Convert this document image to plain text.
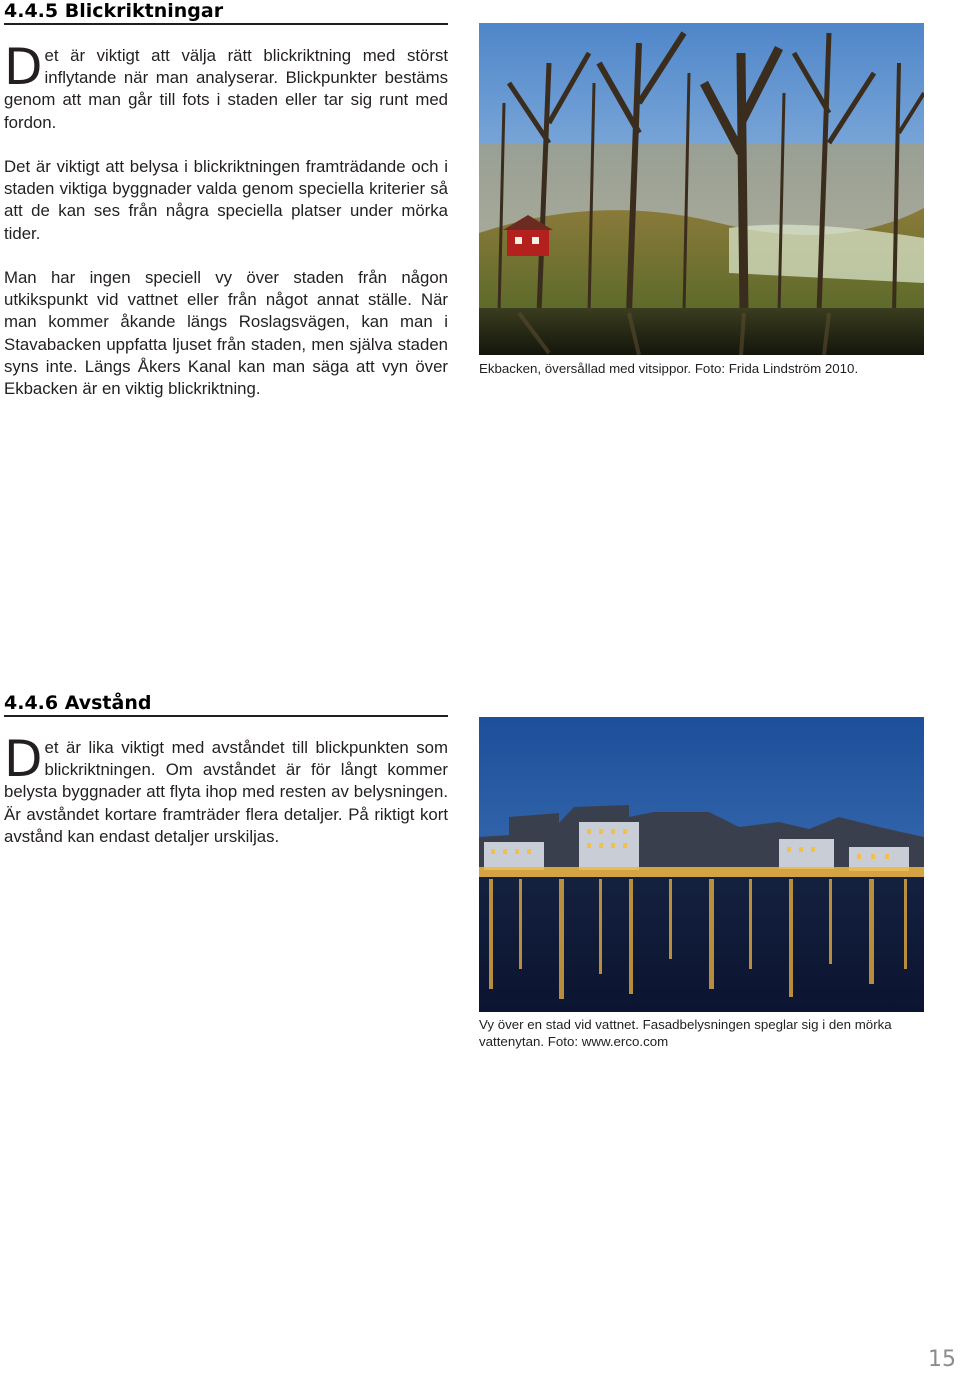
4.4.5 Blickriktningar

Det är viktigt att välja rätt blickriktning med störst inflytande när man analyserar. Blickpunkter bestäms genom att man går till fots i staden eller tar sig runt med fordon.

Det är viktigt att belysa i blickriktningen framträdande och i staden viktiga byggnader valda genom speciella kriterier så att de kan ses från några speciella platser under mörka tider.

Man har ingen speciell vy över staden från någon utkikspunkt vid vattnet eller från något annat ställe. När man kommer åkande längs Roslagsvägen, kan man i Stavabacken uppfatta ljuset från staden, men själva staden syns inte. Längs Åkers Kanal kan man säga att vyn över Ekbacken är en viktig blickriktning.

Ekbacken, översållad med vitsippor. Foto: Frida Lindström 2010.

4.4.6 Avstånd

Det är lika viktigt med avståndet till blickpunkten som blickriktningen. Om avståndet är för långt kommer belysta byggnader att flyta ihop med resten av belysningen. Är avståndet kortare framträder flera detaljer. På riktigt kort avstånd kan endast detaljer urskiljas.

Vy över en stad vid vattnet. Fasadbelysningen speglar sig i den mörka vattenytan. Foto: www.erco.com

15
